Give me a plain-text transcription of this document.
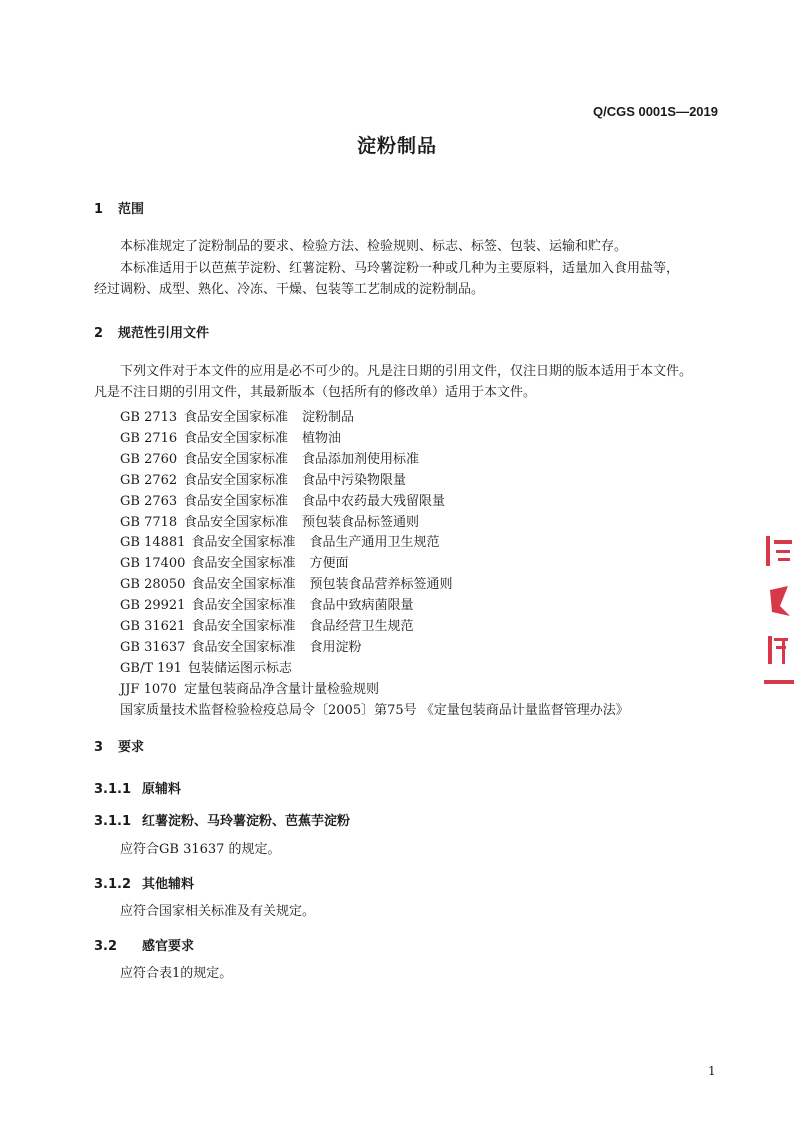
Q/CGS 0001S—2019
淀粉制品
1 范围
本标准规定了淀粉制品的要求、检验方法、检验规则、标志、标签、包装、运输和贮存。
本标准适用于以芭蕉芋淀粉、红薯淀粉、马玲薯淀粉一种或几种为主要原料，适量加入食用盐等，
经过调粉、成型、熟化、冷冻、干燥、包装等工艺制成的淀粉制品。
2 规范性引用文件
下列文件对于本文件的应用是必不可少的。凡是注日期的引用文件，仅注日期的版本适用于本文件。
凡是不注日期的引用文件，其最新版本（包括所有的修改单）适用于本文件。
GB 2713 食品安全国家标准 淀粉制品
GB 2716 食品安全国家标准 植物油
GB 2760 食品安全国家标准 食品添加剂使用标准
GB 2762 食品安全国家标准 食品中污染物限量
GB 2763 食品安全国家标准 食品中农药最大残留限量
GB 7718 食品安全国家标准 预包装食品标签通则
GB 14881 食品安全国家标准 食品生产通用卫生规范
GB 17400 食品安全国家标准 方便面
GB 28050 食品安全国家标准 预包装食品营养标签通则
GB 29921 食品安全国家标准 食品中致病菌限量
GB 31621 食品安全国家标准 食品经营卫生规范
GB 31637 食品安全国家标准 食用淀粉
GB/T 191 包装储运图示标志
JJF 1070 定量包装商品净含量计量检验规则
国家质量技术监督检验检疫总局令〔2005〕第75号 《定量包装商品计量监督管理办法》
3 要求
3.1.1 原辅料
3.1.1 红薯淀粉、马玲薯淀粉、芭蕉芋淀粉
应符合GB 31637 的规定。
3.1.2 其他辅料
应符合国家相关标准及有关规定。
3.2 感官要求
应符合表1的规定。
1
